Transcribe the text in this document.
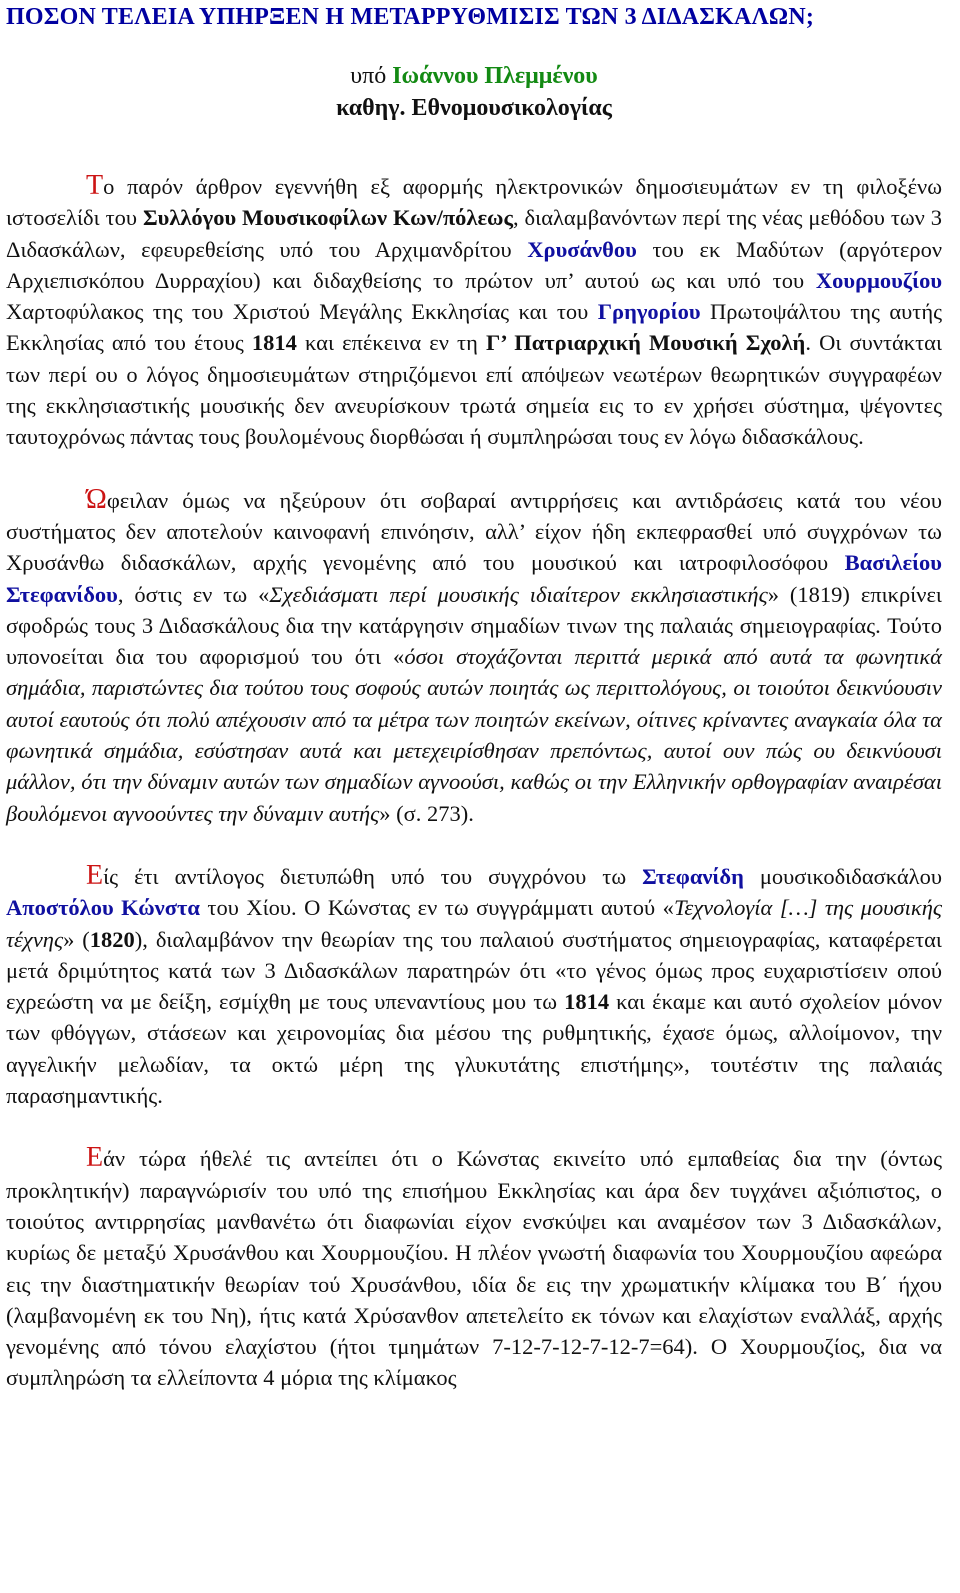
ΠΟΣΟΝ ΤΕΛΕΙΑ ΥΠΗΡΞΕΝ Η ΜΕΤΑΡΡΥΘΜΙΣΙΣ ΤΩΝ 3 ΔΙΔΑΣΚΑΛΩΝ;
υπό Ιωάννου Πλεμμένου
καθηγ. Εθνομουσικολογίας

Το παρόν άρθρον εγεννήθη εξ αφορμής ηλεκτρονικών δημοσιευμάτων εν τη φιλοξένω ιστοσελίδι του Συλλόγου Μουσικοφίλων Κων/πόλεως, διαλαμβανόντων περί της νέας μεθόδου των 3 Διδασκάλων, εφευρεθείσης υπό του Αρχιμανδρίτου Χρυσάνθου του εκ Μαδύτων (αργότερον Αρχιεπισκόπου Δυρραχίου) και διδαχθείσης το πρώτον υπ’ αυτού ως και υπό του Χουρμουζίου Χαρτοφύλακος της του Χριστού Μεγάλης Εκκλησίας και του Γρηγορίου Πρωτοψάλτου της αυτής Εκκλησίας από του έτους 1814 και επέκεινα εν τη Γ’ Πατριαρχική Μουσική Σχολή. Οι συντάκται των περί ου ο λόγος δημοσιευμάτων στηριζόμενοι επί απόψεων νεωτέρων θεωρητικών συγγραφέων της εκκλησιαστικής μουσικής δεν ανευρίσκουν τρωτά σημεία εις το εν χρήσει σύστημα, ψέγοντες ταυτοχρόνως πάντας τους βουλομένους διορθώσαι ή συμπληρώσαι τους εν λόγω διδασκάλους.

Ώφειλαν όμως να ηξεύρουν ότι σοβαραί αντιρρήσεις και αντιδράσεις κατά του νέου συστήματος δεν αποτελούν καινοφανή επινόησιν, αλλ’ είχον ήδη εκπεφρασθεί υπό συγχρόνων τω Χρυσάνθω διδασκάλων, αρχής γενομένης από του μουσικού και ιατροφιλοσόφου Βασιλείου Στεφανίδου, όστις εν τω «Σχεδιάσματι περί μουσικής ιδιαίτερον εκκλησιαστικής» (1819) επικρίνει σφοδρώς τους 3 Διδασκάλους δια την κατάργησιν σημαδίων τινων της παλαιάς σημειογραφίας. Τούτο υπονοείται δια του αφορισμού του ότι «όσοι στοχάζονται περιττά μερικά από αυτά τα φωνητικά σημάδια, παριστώντες δια τούτου τους σοφούς αυτών ποιητάς ως περιττολόγους, οι τοιούτοι δεικνύουσιν αυτοί εαυτούς ότι πολύ απέχουσιν από τα μέτρα των ποιητών εκείνων, οίτινες κρίναντες αναγκαία όλα τα φωνητικά σημάδια, εσύστησαν αυτά και μετεχειρίσθησαν πρεπόντως, αυτοί ουν πώς ου δεικνύουσι μάλλον, ότι την δύναμιν αυτών των σημαδίων αγνοούσι, καθώς οι την Ελληνικήν ορθογραφίαν αναιρέσαι βουλόμενοι αγνοούντες την δύναμιν αυτής» (σ. 273).

Είς έτι αντίλογος διετυπώθη υπό του συγχρόνου τω Στεφανίδη μουσικοδιδασκάλου Αποστόλου Κώνστα του Χίου. Ο Κώνστας εν τω συγγράμματι αυτού «Τεχνολογία […] της μουσικής τέχνης» (1820), διαλαμβάνον την θεωρίαν της του παλαιού συστήματος σημειογραφίας, καταφέρεται μετά δριμύτητος κατά των 3 Διδασκάλων παρατηρών ότι «το γένος όμως προς ευχαριστίσειν οπού εχρεώστη να με δείξη, εσμίχθη με τους υπεναντίους μου τω 1814 και έκαμε και αυτό σχολείον μόνον των φθόγγων, στάσεων και χειρονομίας δια μέσου της ρυθμητικής, έχασε όμως, αλλοίμονον, την αγγελικήν μελωδίαν, τα οκτώ μέρη της γλυκυτάτης επιστήμης», τουτέστιν της παλαιάς παρασημαντικής.

Εάν τώρα ήθελέ τις αντείπει ότι ο Κώνστας εκινείτο υπό εμπαθείας δια την (όντως προκλητικήν) παραγνώρισίν του υπό της επισήμου Εκκλησίας και άρα δεν τυγχάνει αξιόπιστος, ο τοιούτος αντιρρησίας μανθανέτω ότι διαφωνίαι είχον ενσκύψει και αναμέσον των 3 Διδασκάλων, κυρίως δε μεταξύ Χρυσάνθου και Χουρμουζίου. Η πλέον γνωστή διαφωνία του Χουρμουζίου αφεώρα εις την διαστηματικήν θεωρίαν τού Χρυσάνθου, ιδία δε εις την χρωματικήν κλίμακα του Β΄ ήχου (λαμβανομένη εκ του Νη), ήτις κατά Χρύσανθον απετελείτο εκ τόνων και ελαχίστων εναλλάξ, αρχής γενομένης από τόνου ελαχίστου (ήτοι τμημάτων 7-12-7-12-7-12-7=64). Ο Χουρμουζίος, δια να συμπληρώση τα ελλείποντα 4 μόρια της κλίμακος
